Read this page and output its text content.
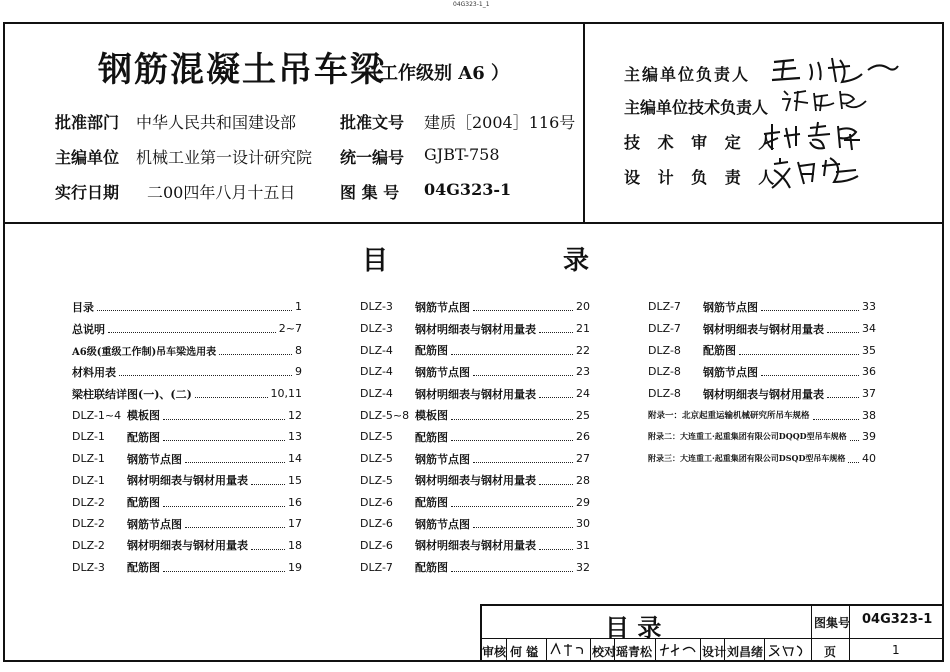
04G323-1_1
钢筋混凝土吊车梁
（工作级别 A6 ）
批准部门 中华人民共和国建设部	批准文号 建质［2004］116号
主编单位 机械工业第一设计研究院 统一编号 GJBT-758
实行日期 二00四年八月十五日	图 集 号 04G323-1
主编单位负责人
主编单位技术负责人
技 术 审 定 人
设 计 负 责 人
目	录
目录	1
总说明	2~7
A6级(重级工作制)吊车梁选用表	8
材料用表	9
梁柱联结详图(一)、(二)	10,11
DLZ-1~4 模板图	12
DLZ-1	配筋图	13
DLZ-1	钢筋节点图	14
DLZ-1	钢材明细表与钢材用量表	15
DLZ-2	配筋图	16
DLZ-2	钢筋节点图	17
DLZ-2	钢材明细表与钢材用量表	18
DLZ-3	配筋图	19
DLZ-3	钢筋节点图	20
DLZ-3	钢材明细表与钢材用量表	21
DLZ-4	配筋图	22
DLZ-4	钢筋节点图	23
DLZ-4	钢材明细表与钢材用量表	24
DLZ-5~8 模板图	25
DLZ-5	配筋图	26
DLZ-5	钢筋节点图	27
DLZ-5	钢材明细表与钢材用量表	28
DLZ-6	配筋图	29
DLZ-6	钢筋节点图	30
DLZ-6	钢材明细表与钢材用量表	31
DLZ-7	配筋图	32
DLZ-7	钢筋节点图	33
DLZ-7	钢材明细表与钢材用量表	34
DLZ-8	配筋图	35
DLZ-8	钢筋节点图	36
DLZ-8	钢材明细表与钢材用量表	37
附录一：北京起重运输机械研究所吊车规格	38
附录二：大连重工·起重集团有限公司DQQD型吊车规格 39
附录三：大连重工·起重集团有限公司DSQD型吊车规格 40
目 录	图集号 04G323-1
审核 何 镒	校对 瑶青松	设计 刘昌绪	页	1
